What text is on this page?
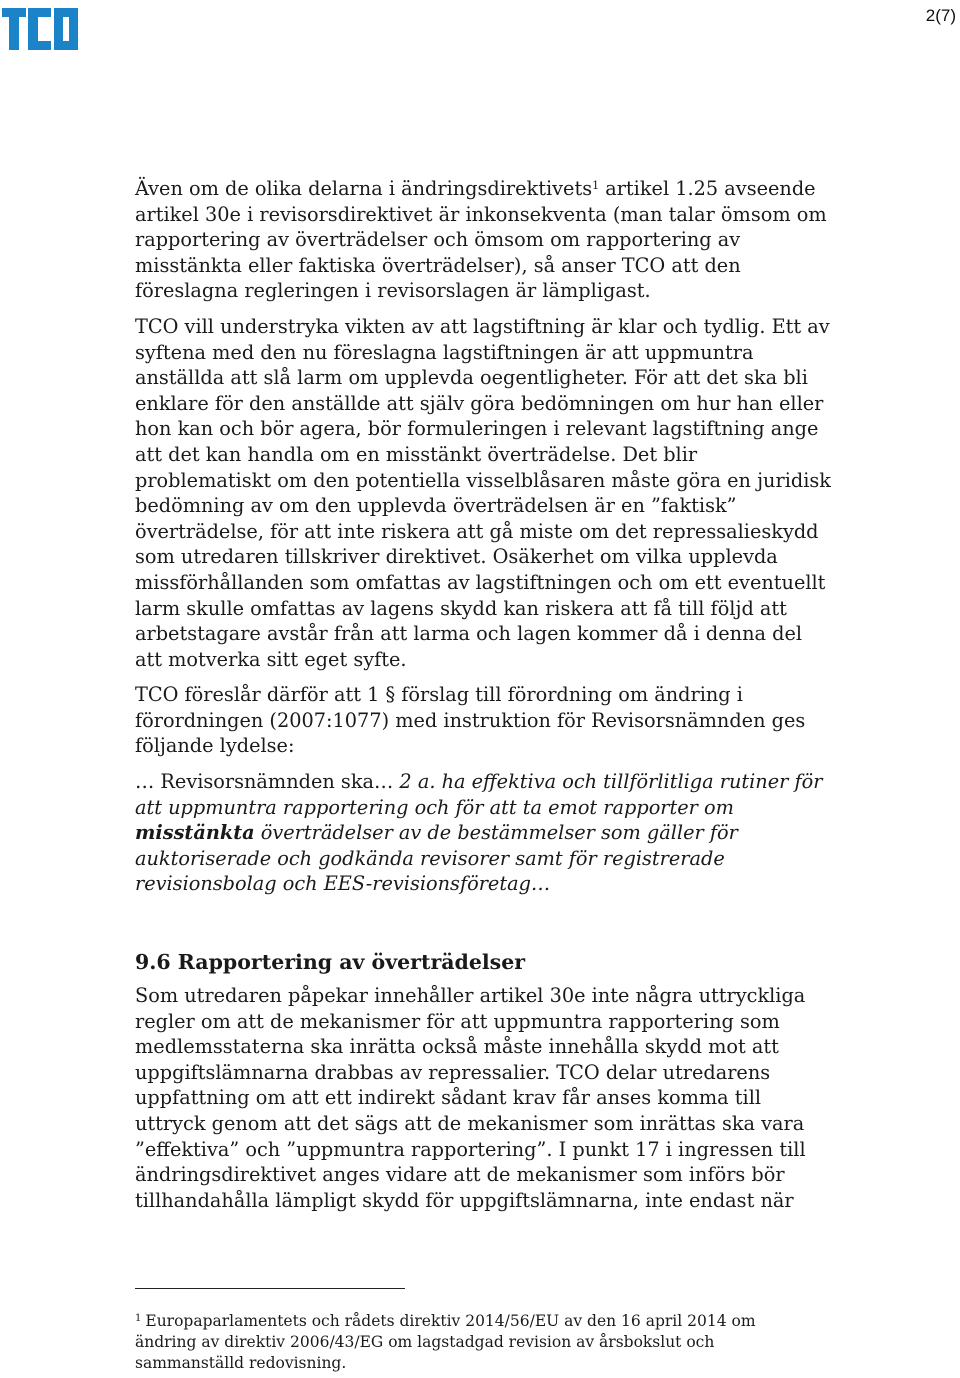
TCO
2(7)

Även om de olika delarna i ändringsdirektivets$^1$ artikel 1.25 avseende artikel 30e i revisorsdirektivet är inkonsekventa (man talar ömsom om rapportering av överträdelser och ömsom om rapportering av misstänkta eller faktiska överträdelser), så anser TCO att den föreslagna regleringen i revisorslagen är lämpligast.

TCO vill understryka vikten av att lagstiftning är klar och tydlig. Ett av syftena med den nu föreslagna lagstiftningen är att uppmuntra anställda att slå larm om upplevda oegentligheter. För att det ska bli enklare för den anställde att själv göra bedömningen om hur han eller hon kan och bör agera, bör formuleringen i relevant lagstiftning ange att det kan handla om en misstänkt överträdelse. Det blir problematiskt om den potentiella visselblåsaren måste göra en juridisk bedömning av om den upplevda överträdelsen är en ”faktisk” överträdelse, för att inte riskera att gå miste om det repressalieskydd som utredaren tillskriver direktivet. Osäkerhet om vilka upplevda missförhållanden som omfattas av lagstiftningen och om ett eventuellt larm skulle omfattas av lagens skydd kan riskera att få till följd att arbetstagare avstår från att larma och lagen kommer då i denna del att motverka sitt eget syfte.

TCO föreslår därför att 1 § förslag till förordning om ändring i förordningen (2007:1077) med instruktion för Revisorsnämnden ges följande lydelse:

… Revisorsnämnden ska… 2 a. ha effektiva och tillförlitliga rutiner för att uppmuntra rapportering och för att ta emot rapporter om misstänkta överträdelser av de bestämmelser som gäller för auktoriserade och godkända revisorer samt för registrerade revisionsbolag och EES-revisionsföretag…

9.6 Rapportering av överträdelser

Som utredaren påpekar innehåller artikel 30e inte några uttryckliga regler om att de mekanismer för att uppmuntra rapportering som medlemsstaterna ska inrätta också måste innehålla skydd mot att uppgiftslämnarna drabbas av repressalier. TCO delar utredarens uppfattning om att ett indirekt sådant krav får anses komma till uttryck genom att det sägs att de mekanismer som inrättas ska vara ”effektiva” och ”uppmuntra rapportering”. I punkt 17 i ingressen till ändringsdirektivet anges vidare att de mekanismer som införs bör tillhandahålla lämpligt skydd för uppgiftslämnarna, inte endast när

$^1$ Europaparlamentets och rådets direktiv 2014/56/EU av den 16 april 2014 om ändring av direktiv 2006/43/EG om lagstadgad revision av årsbokslut och sammanställd redovisning.
